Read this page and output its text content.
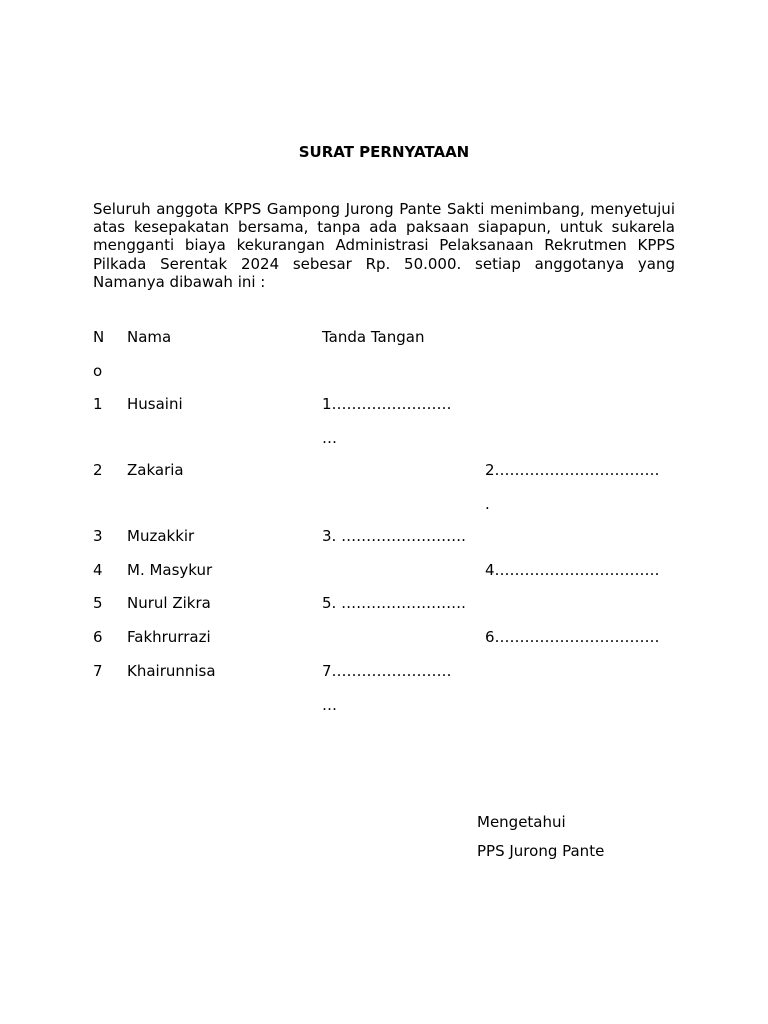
SURAT PERNYATAAN

Seluruh anggota KPPS Gampong Jurong Pante Sakti menimbang, menyetujui atas kesepakatan bersama, tanpa ada paksaan siapapun, untuk sukarela mengganti biaya kekurangan Administrasi Pelaksanaan Rekrutmen KPPS Pilkada Serentak 2024 sebesar Rp. 50.000. setiap anggotanya yang Namanya dibawah ini :

N
o
Nama	Tanda Tangan
1 Husaini	1……………………
…
2 Zakaria	2……………………………
.
3 Muzakkir	3. …………………….
4 M. Masykur	4……………………………
5 Nurul Zikra	5. …………………….
6 Fakhrurrazi	6……………………………
7 Khairunnisa	7……………………
…
Mengetahui
PPS Jurong Pante
